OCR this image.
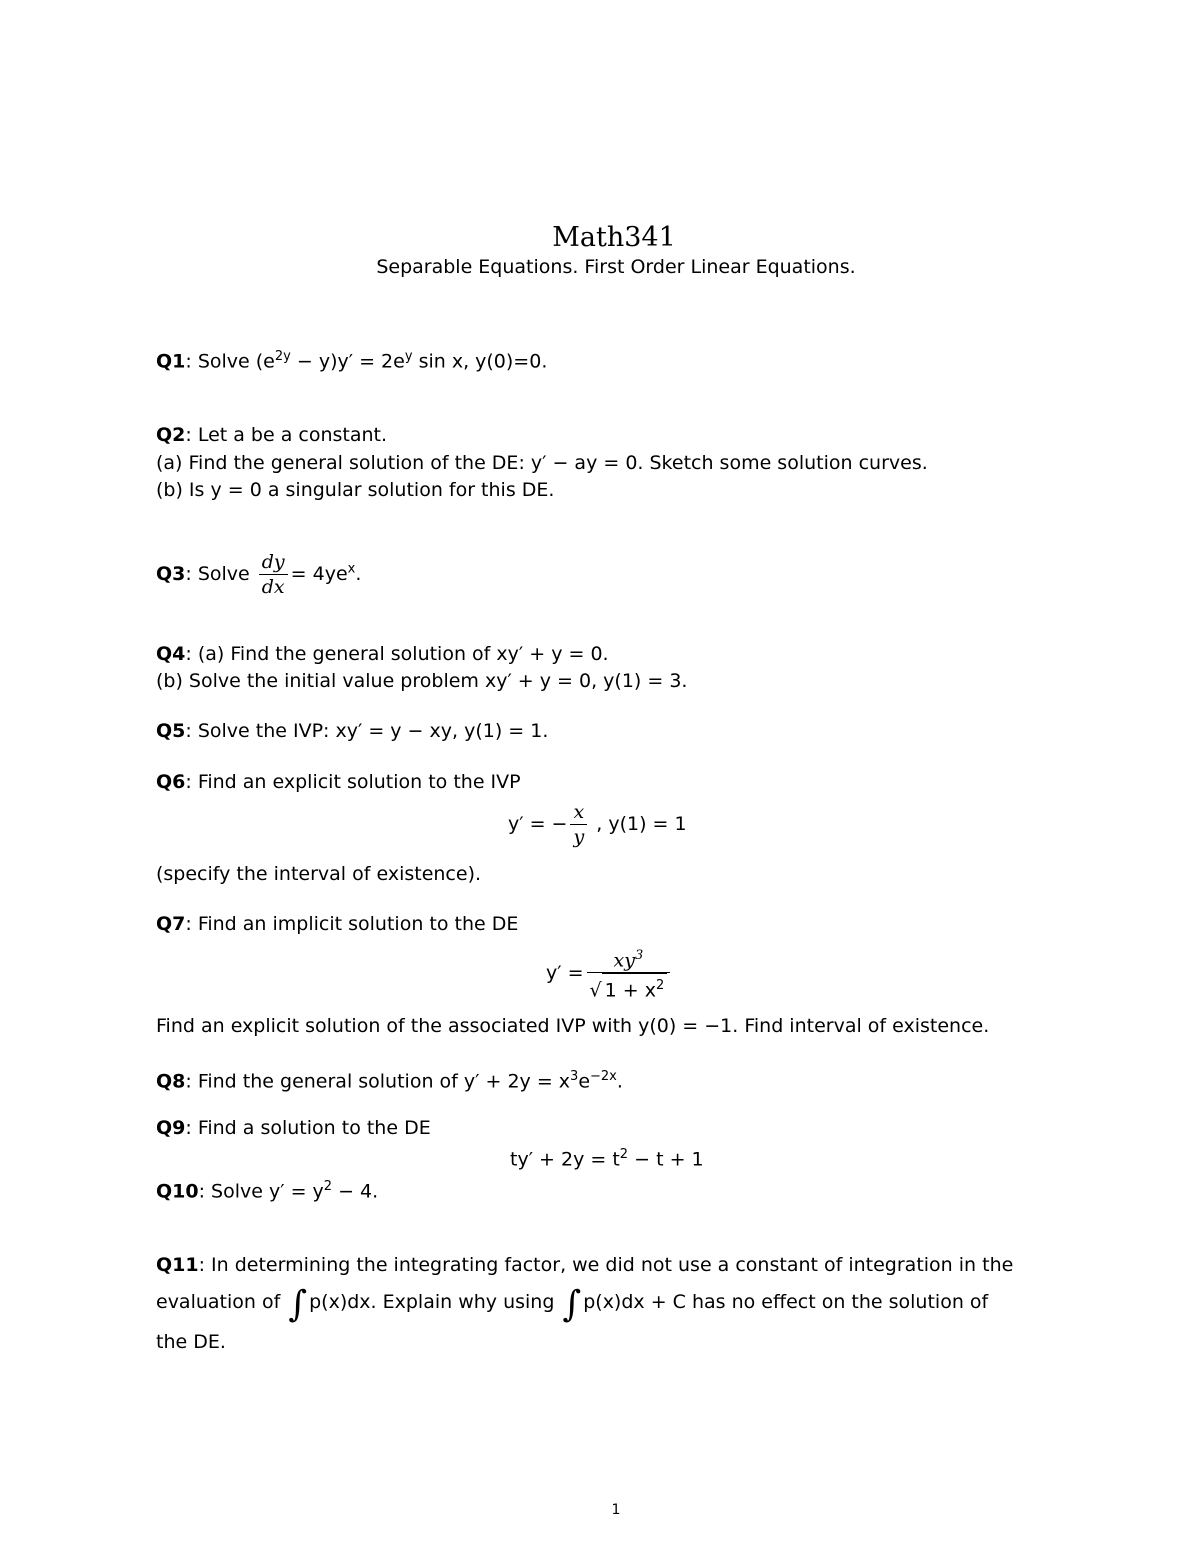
Math341
Separable Equations. First Order Linear Equations.
Q1: Solve $(e^{2y} - y)y' = 2e^y$ sin x, y(0)=0.
Q2: Let a be a constant.
(a) Find the general solution of the DE: y′ − ay = 0. Sketch some solution curves.
(b) Is y = 0 a singular solution for this DE.
Q3: Solve $\frac{dy}{dx} = 4ye^x$.
Q4: (a) Find the general solution of xy′ + y = 0.
(b) Solve the initial value problem xy′ + y = 0, y(1) = 3.
Q5: Solve the IVP: xy′ = y − xy, y(1) = 1.
Q6: Find an explicit solution to the IVP
y′ = − $\frac{x}{y}$ , y(1) = 1
(specify the interval of existence).
Q7: Find an implicit solution to the DE
$y' = \frac{xy^3}{√ 1 + x^2}$
Find an explicit solution of the associated IVP with y(0) = −1. Find interval of existence.
Q8: Find the general solution of $y' + 2y = x^3e^{-2x}$.
Q9: Find a solution to the DE
$ty' + 2y = t^2 - t + 1$
Q10: Solve $y' = y^2 - 4$.
Q11: In determining the integrating factor, we did not use a constant of integration in the
evaluation of ∫ p(x)dx. Explain why using ∫ p(x)dx + C has no effect on the solution of
the DE.
1
